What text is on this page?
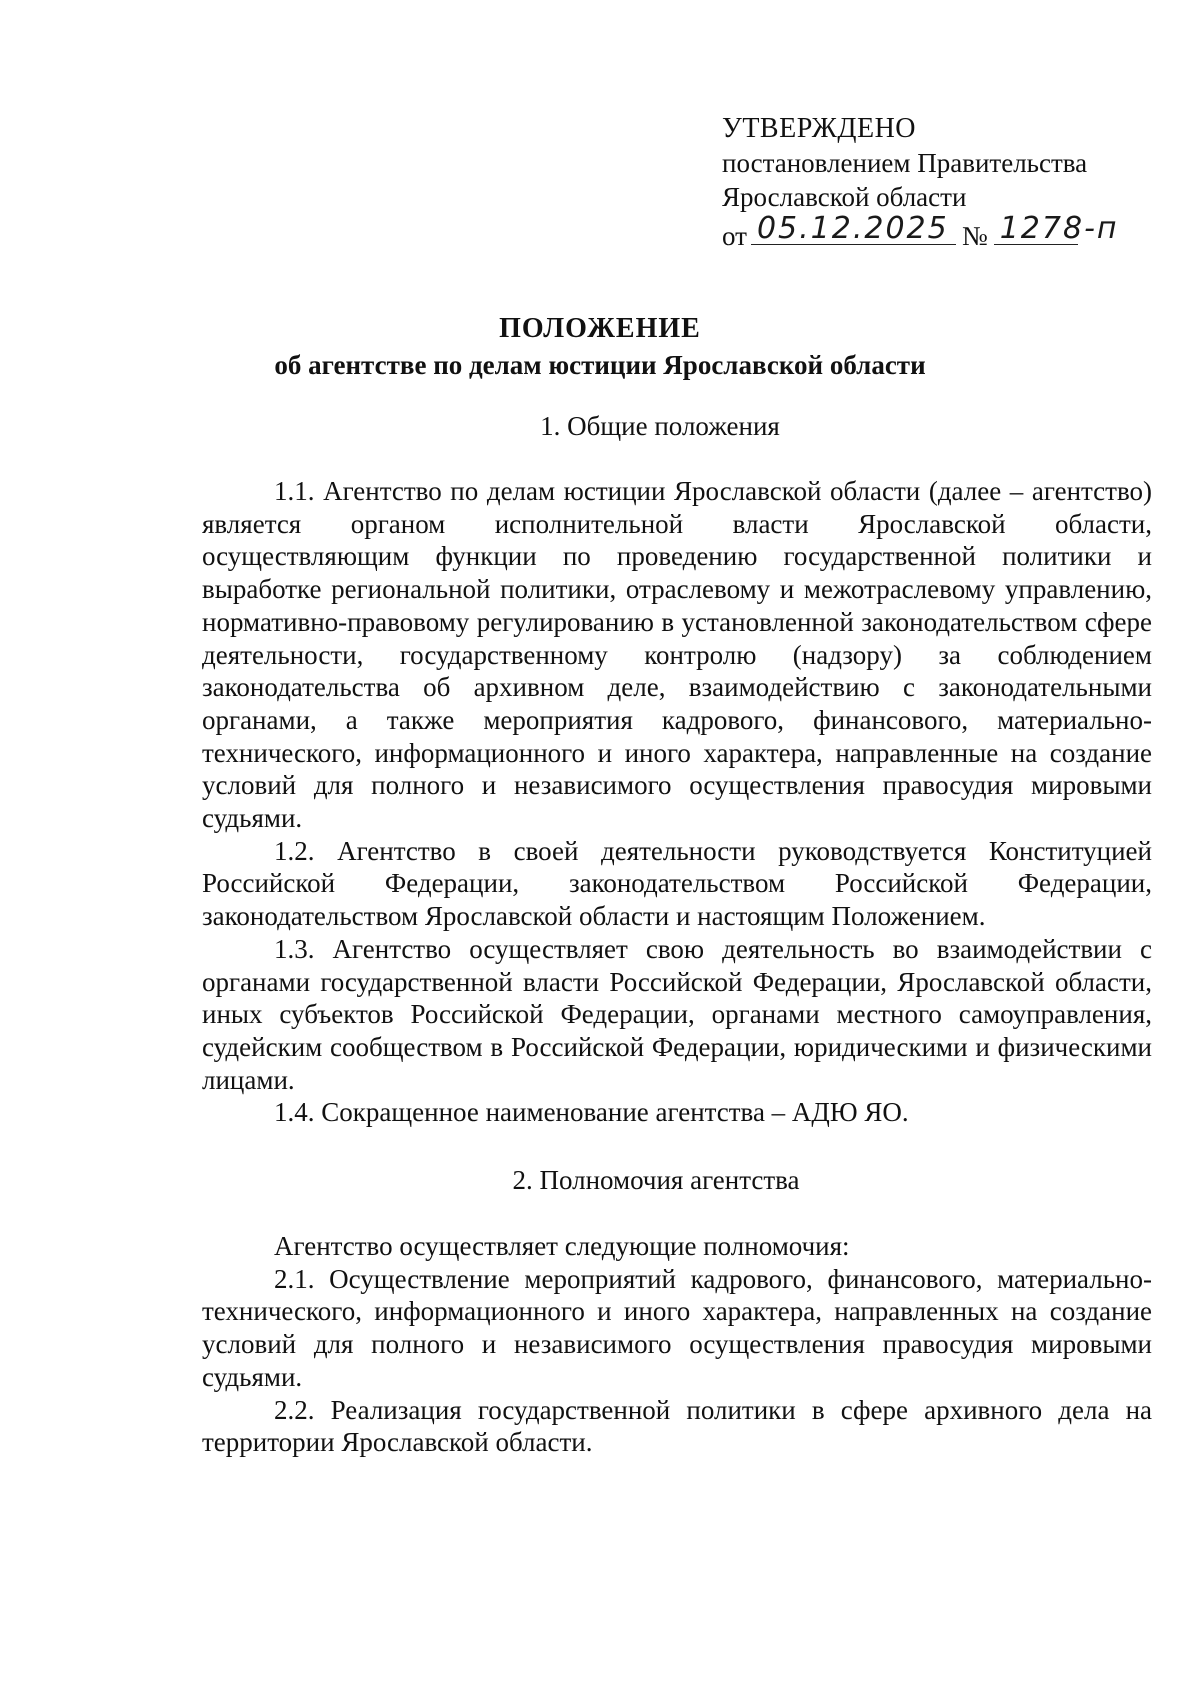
УТВЕРЖДЕНО
постановлением Правительства
Ярославской области
от 05.12.2025 № 1278-п
ПОЛОЖЕНИЕ
об агентстве по делам юстиции Ярославской области
1. Общие положения

1.1. Агентство по делам юстиции Ярославской области (далее – агентство) является органом исполнительной власти Ярославской области, осуществляющим функции по проведению государственной политики и выработке региональной политики, отраслевому и межотраслевому управлению, нормативно-правовому регулированию в установленной законодательством сфере деятельности, государственному контролю (надзору) за соблюдением законодательства об архивном деле, взаимодействию с законодательными органами, а также мероприятия кадрового, финансового, материально-технического, информационного и иного характера, направленные на создание условий для полного и независимого осуществления правосудия мировыми судьями.

1.2. Агентство в своей деятельности руководствуется Конституцией Российской Федерации, законодательством Российской Федерации, законодательством Ярославской области и настоящим Положением.

1.3. Агентство осуществляет свою деятельность во взаимодействии с органами государственной власти Российской Федерации, Ярославской области, иных субъектов Российской Федерации, органами местного самоуправления, судейским сообществом в Российской Федерации, юридическими и физическими лицами.

1.4. Сокращенное наименование агентства – АДЮ ЯО.

2. Полномочия агентства

Агентство осуществляет следующие полномочия:

2.1. Осуществление мероприятий кадрового, финансового, материально-технического, информационного и иного характера, направленных на создание условий для полного и независимого осуществления правосудия мировыми судьями.

2.2. Реализация государственной политики в сфере архивного дела на территории Ярославской области.
